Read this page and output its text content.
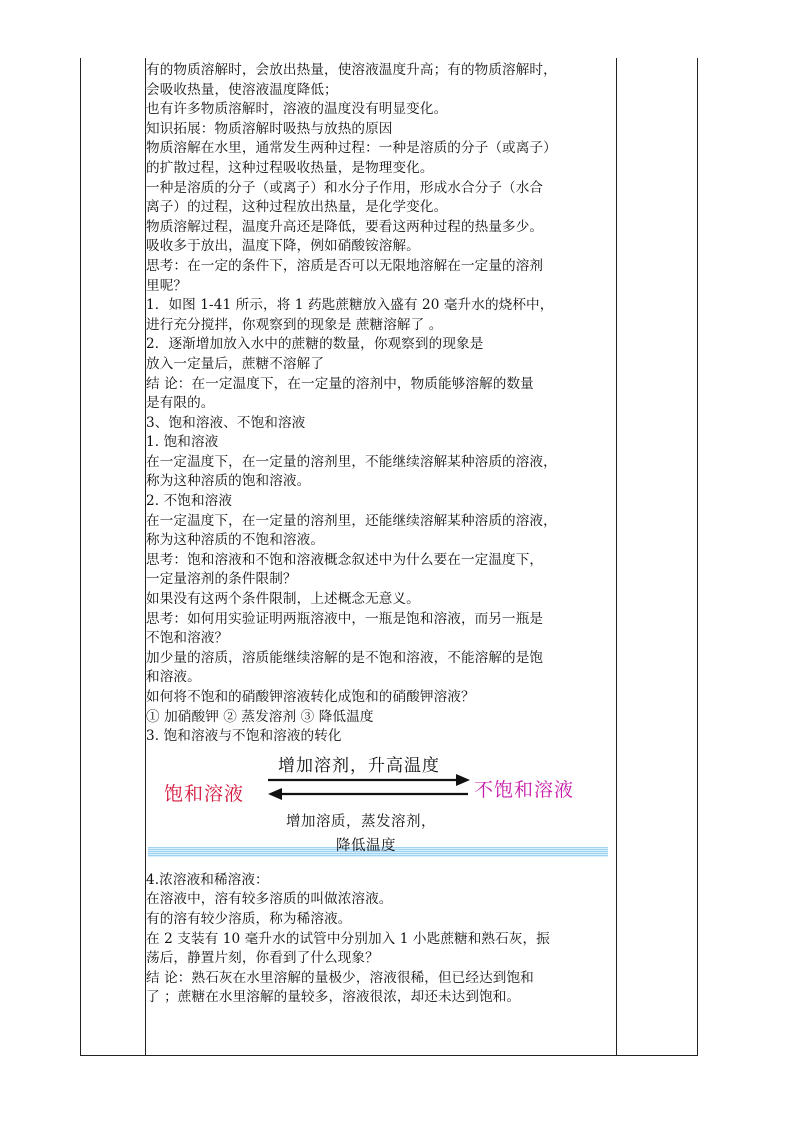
有的物质溶解时，会放出热量，使溶液温度升高；有的物质溶解时，

会吸收热量，使溶液温度降低；

也有许多物质溶解时，溶液的温度没有明显变化。

知识拓展：物质溶解时吸热与放热的原因

物质溶解在水里，通常发生两种过程：一种是溶质的分子（或离子）

的扩散过程，这种过程吸收热量，是物理变化。

一种是溶质的分子（或离子）和水分子作用，形成水合分子（水合

离子）的过程，这种过程放出热量，是化学变化。

物质溶解过程，温度升高还是降低，要看这两种过程的热量多少。

吸收多于放出，温度下降，例如硝酸铵溶解。

思考：在一定的条件下，溶质是否可以无限地溶解在一定量的溶剂

里呢？

1．如图 1-41 所示，将 1 药匙蔗糖放入盛有 20 毫升水的烧杯中，

进行充分搅拌，你观察到的现象是 蔗糖溶解了 。

2．逐渐增加放入水中的蔗糖的数量，你观察到的现象是

放入一定量后，蔗糖不溶解了

结 论：在一定温度下，在一定量的溶剂中，物质能够溶解的数量

是有限的。

3、饱和溶液、不饱和溶液

1. 饱和溶液

在一定温度下，在一定量的溶剂里，不能继续溶解某种溶质的溶液，

称为这种溶质的饱和溶液。

2. 不饱和溶液

在一定温度下，在一定量的溶剂里，还能继续溶解某种溶质的溶液，

称为这种溶质的不饱和溶液。

思考：饱和溶液和不饱和溶液概念叙述中为什么要在一定温度下，

一定量溶剂的条件限制？

如果没有这两个条件限制，上述概念无意义。

思考：如何用实验证明两瓶溶液中，一瓶是饱和溶液，而另一瓶是

不饱和溶液？

加少量的溶质，溶质能继续溶解的是不饱和溶液，不能溶解的是饱

和溶液。

如何将不饱和的硝酸钾溶液转化成饱和的硝酸钾溶液？

① 加硝酸钾 ② 蒸发溶剂 ③ 降低温度

3. 饱和溶液与不饱和溶液的转化

增加溶剂，升高温度
饱和溶液	不饱和溶液
增加溶质，蒸发溶剂，
降低温度

4.浓溶液和稀溶液：

在溶液中，溶有较多溶质的叫做浓溶液。

有的溶有较少溶质，称为稀溶液。

在 2 支装有 10 毫升水的试管中分别加入 1 小匙蔗糖和熟石灰，振

荡后，静置片刻，你看到了什么现象？

结 论：熟石灰在水里溶解的量极少，溶液很稀，但已经达到饱和

了 ；蔗糖在水里溶解的量较多，溶液很浓，却还未达到饱和。
